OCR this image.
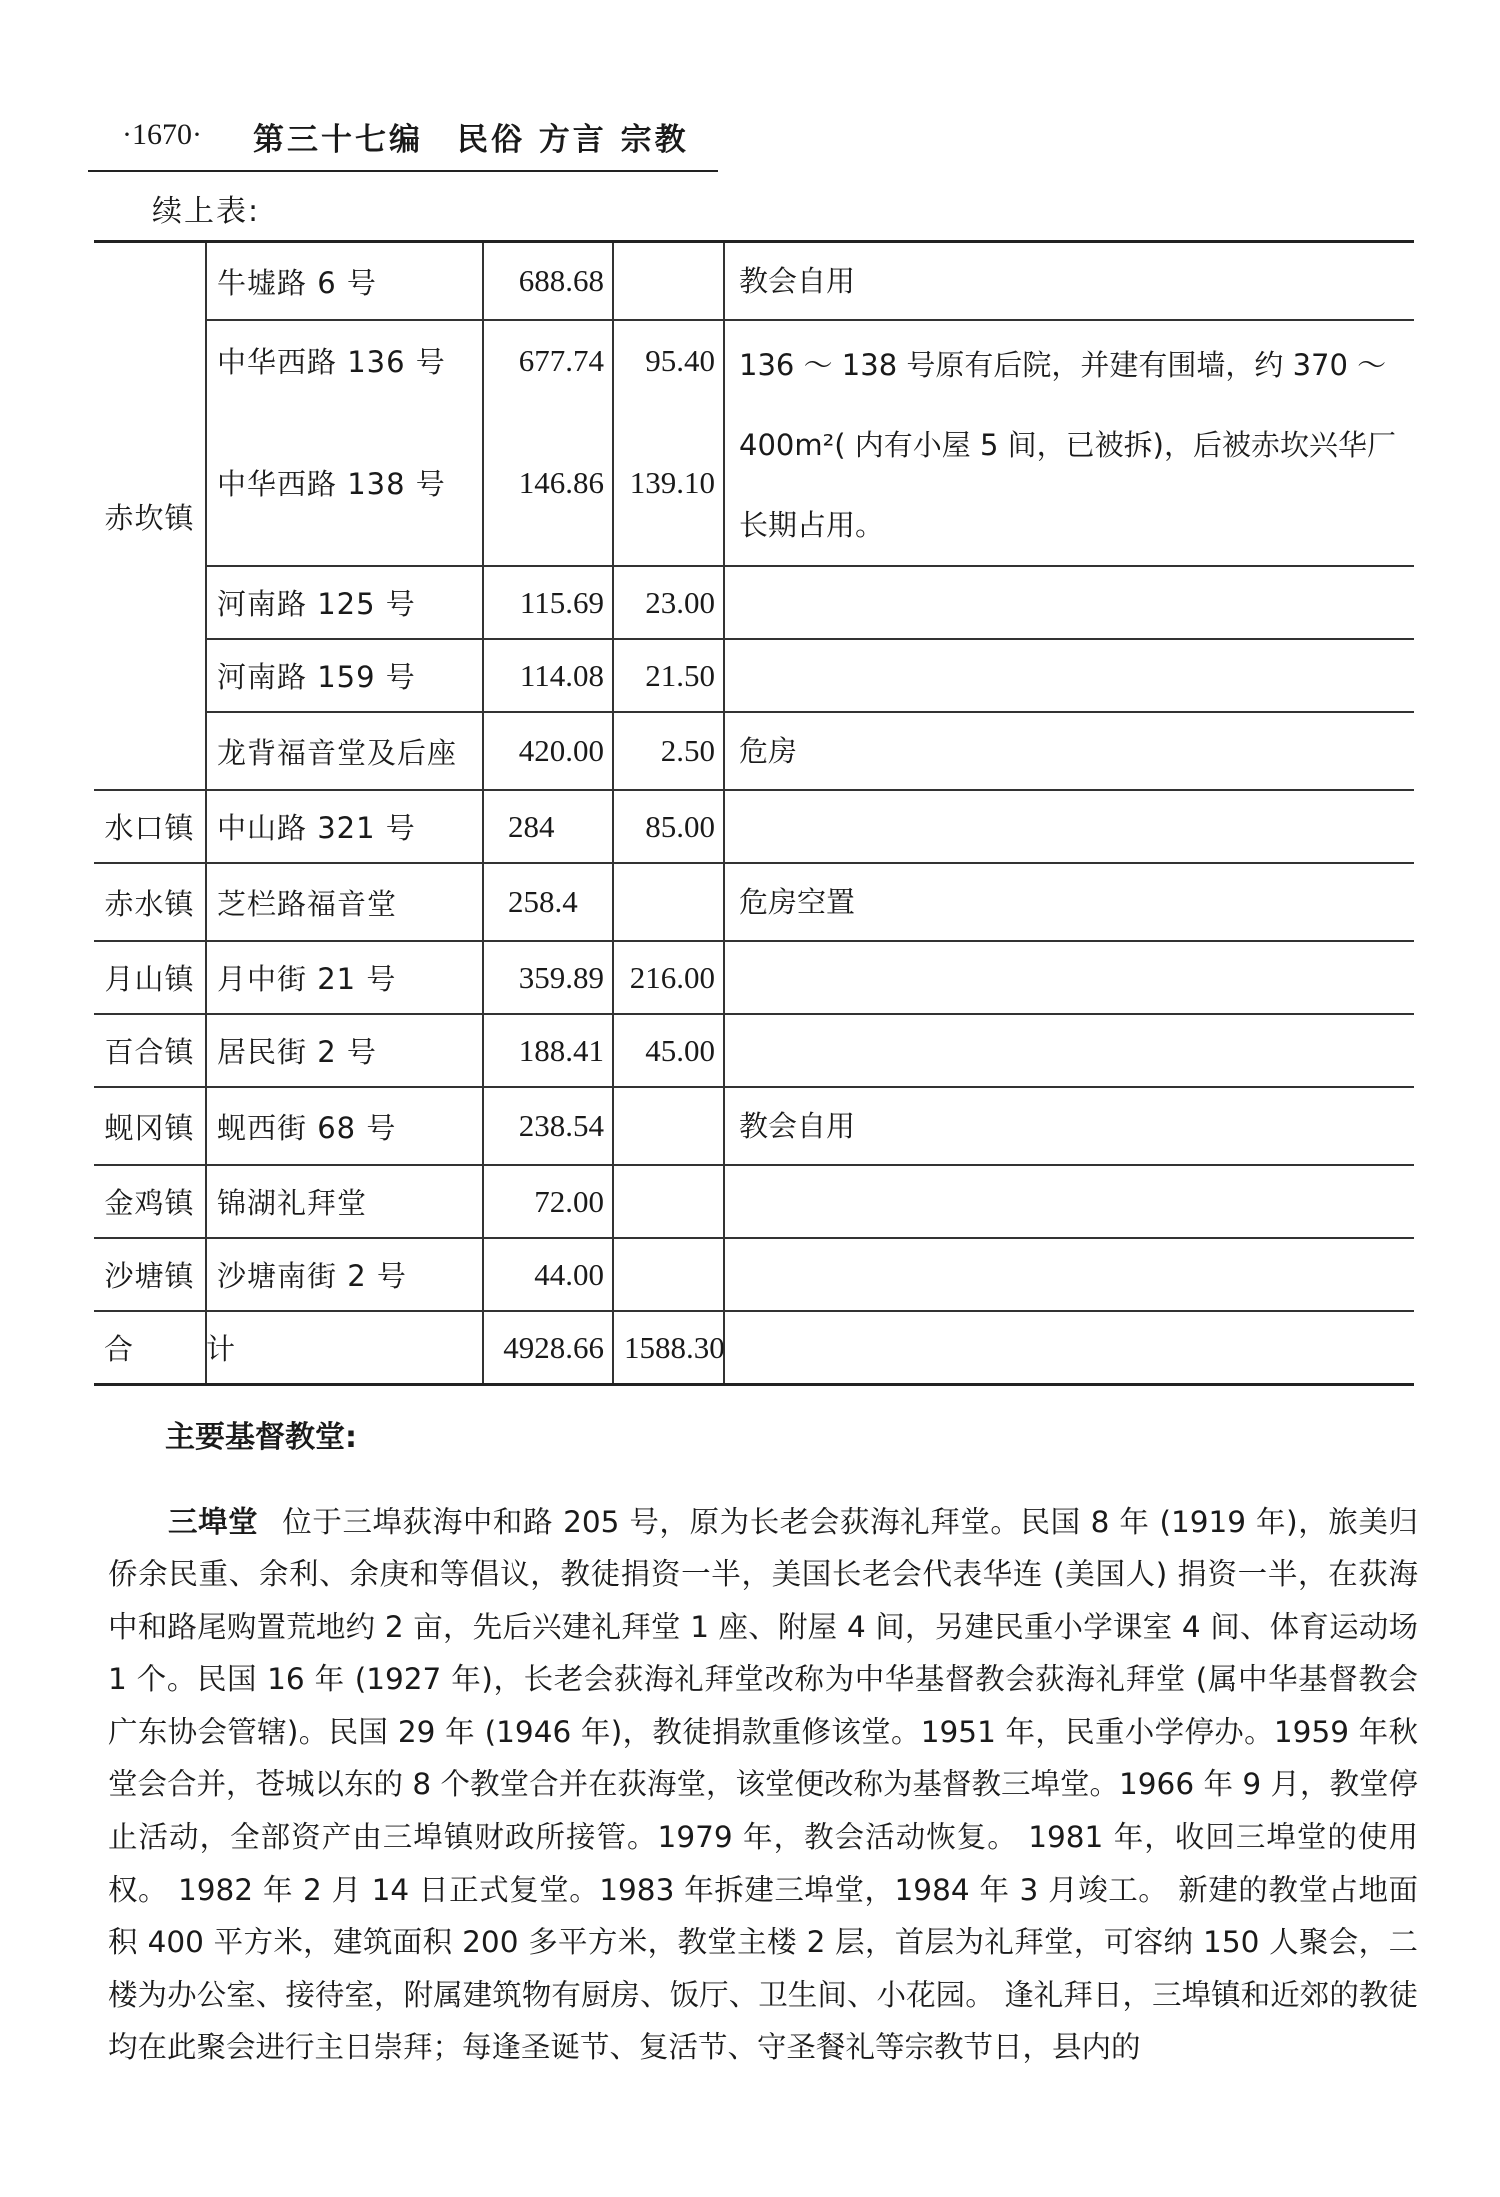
·1670· 第三十七编　民俗 方言 宗教
续上表:
赤坎镇	牛墟路 6 号	688.68		教会自用
	中华西路 136 号	677.74	95.40	136 ～ 138 号原有后院，并建有围墙，约 370 ～ 400m²( 内有小屋 5 间，已被拆)，后被赤坎兴华厂长期占用。
	中华西路 138 号	146.86	139.10	
	河南路 125 号	115.69	23.00	
	河南路 159 号	114.08	21.50	
	龙背福音堂及后座	420.00	2.50	危房
水口镇	中山路 321 号	284	85.00	
赤水镇	芝栏路福音堂	258.4		危房空置
月山镇	月中街 21 号	359.89	216.00	
百合镇	居民街 2 号	188.41	45.00	
蚬冈镇	蚬西街 68 号	238.54		教会自用
金鸡镇	锦湖礼拜堂	72.00		
沙塘镇	沙塘南街 2 号	44.00		
合　计		4928.66	1588.30	
主要基督教堂:

三埠堂 位于三埠荻海中和路 205 号，原为长老会荻海礼拜堂。民国 8 年 (1919 年)，旅美归侨余民重、余利、余庚和等倡议，教徒捐资一半，美国长老会代表华连 (美国人) 捐资一半，在荻海中和路尾购置荒地约 2 亩，先后兴建礼拜堂 1 座、附屋 4 间，另建民重小学课室 4 间、体育运动场 1 个。民国 16 年 (1927 年)，长老会荻海礼拜堂改称为中华基督教会荻海礼拜堂 (属中华基督教会广东协会管辖)。民国 29 年 (1946 年)，教徒捐款重修该堂。1951 年，民重小学停办。1959 年秋堂会合并，苍城以东的 8 个教堂合并在荻海堂，该堂便改称为基督教三埠堂。1966 年 9 月，教堂停止活动，全部资产由三埠镇财政所接管。1979 年，教会活动恢复。 1981 年，收回三埠堂的使用权。 1982 年 2 月 14 日正式复堂。1983 年拆建三埠堂，1984 年 3 月竣工。 新建的教堂占地面积 400 平方米，建筑面积 200 多平方米，教堂主楼 2 层，首层为礼拜堂，可容纳 150 人聚会，二楼为办公室、接待室，附属建筑物有厨房、饭厅、卫生间、小花园。 逢礼拜日，三埠镇和近郊的教徒均在此聚会进行主日崇拜；每逢圣诞节、复活节、守圣餐礼等宗教节日，县内的
